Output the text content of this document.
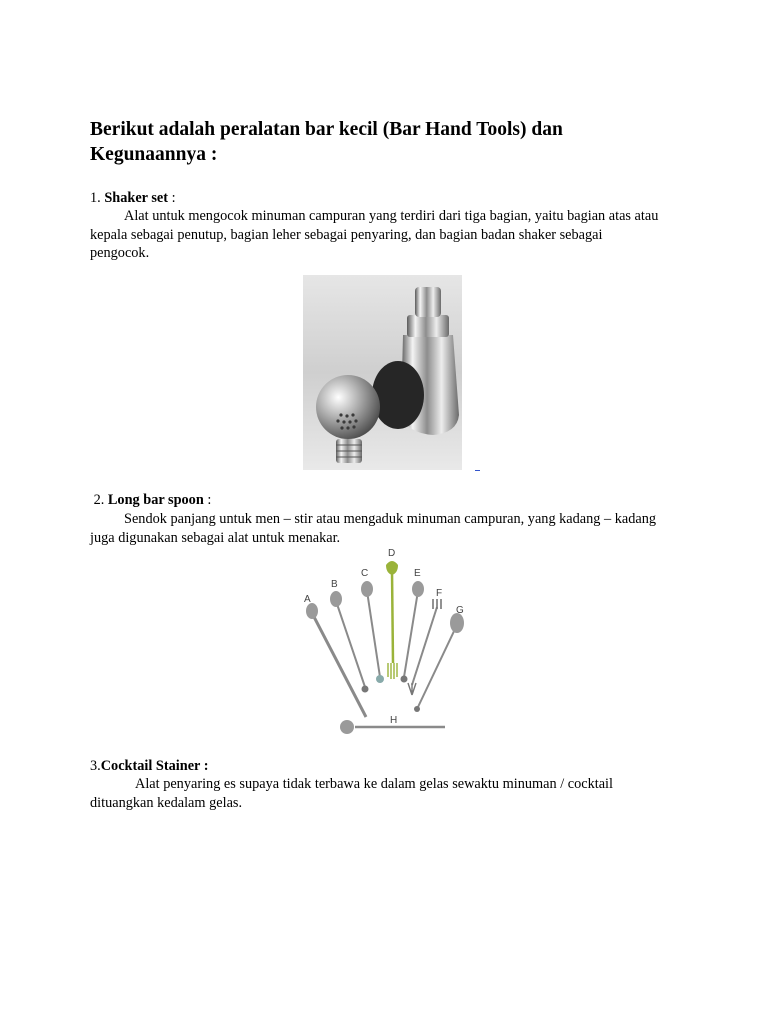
Berikut adalah peralatan bar kecil (Bar Hand Tools) dan Kegunaannya :

1. Shaker set :

Alat untuk mengocok minuman campuran yang terdiri dari tiga bagian, yaitu bagian atas atau kepala sebagai penutup, bagian leher sebagai penyaring, dan bagian badan shaker sebagai pengocok.

2. Long bar spoon :

Sendok panjang untuk men – stir atau mengaduk minuman campuran, yang kadang – kadang juga digunakan sebagai alat untuk menakar.

A
B
C
D
E
F
G
H

3.Cocktail Stainer :

Alat penyaring es supaya tidak terbawa ke dalam gelas sewaktu minuman / cocktail dituangkan kedalam gelas.
